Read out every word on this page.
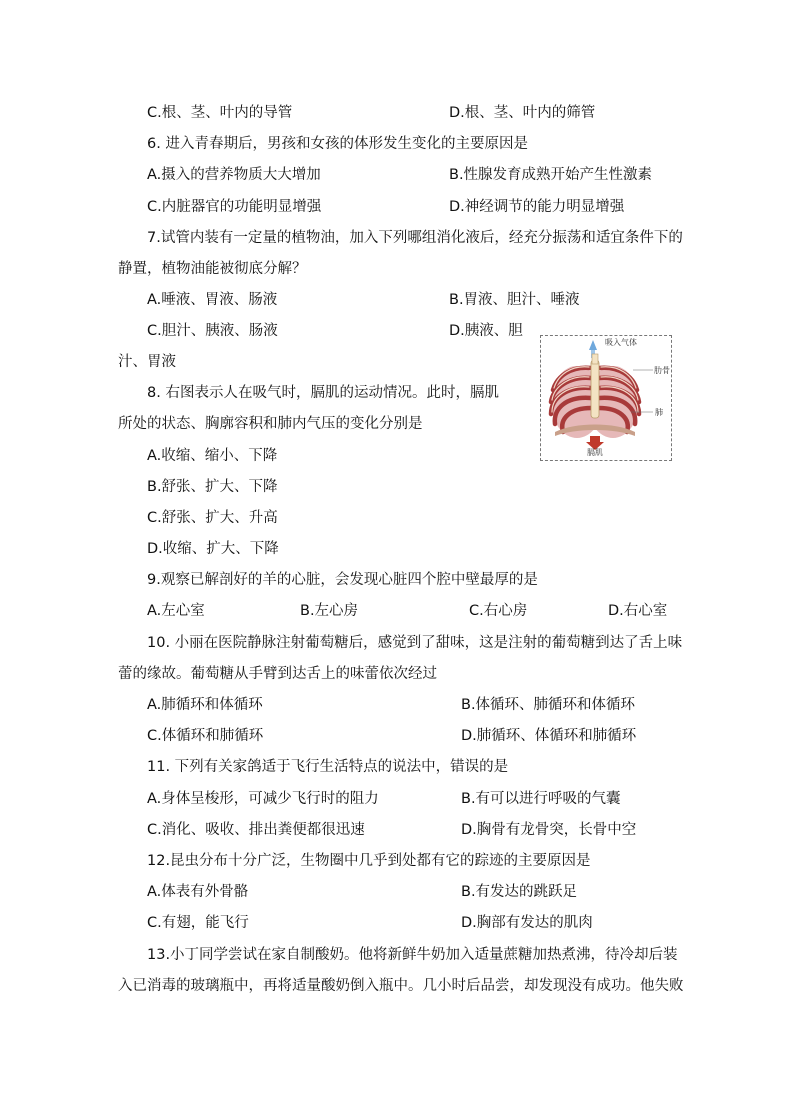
C.根、茎、叶内的导管	D.根、茎、叶内的筛管
6. 进入青春期后，男孩和女孩的体形发生变化的主要原因是
A.摄入的营养物质大大增加	B.性腺发育成熟开始产生性激素
C.内脏器官的功能明显增强	D.神经调节的能力明显增强
7.试管内装有一定量的植物油，加入下列哪组消化液后，经充分振荡和适宜条件下的
静置，植物油能被彻底分解？
A.唾液、胃液、肠液	B.胃液、胆汁、唾液
C.胆汁、胰液、肠液	D.胰液、胆
汁、胃液
8. 右图表示人在吸气时，膈肌的运动情况。此时，膈肌
所处的状态、胸廓容积和肺内气压的变化分别是
A.收缩、缩小、下降
B.舒张、扩大、下降
C.舒张、扩大、升高
D.收缩、扩大、下降
吸入气体
肋骨
肺
膈肌
9.观察已解剖好的羊的心脏，会发现心脏四个腔中壁最厚的是
A.左心室	B.左心房	C.右心房	D.右心室
10. 小丽在医院静脉注射葡萄糖后，感觉到了甜味，这是注射的葡萄糖到达了舌上味
蕾的缘故。葡萄糖从手臂到达舌上的味蕾依次经过
A.肺循环和体循环	B.体循环、肺循环和体循环
C.体循环和肺循环	D.肺循环、体循环和肺循环
11. 下列有关家鸽适于飞行生活特点的说法中，错误的是
A.身体呈梭形，可减少飞行时的阻力	B.有可以进行呼吸的气囊
C.消化、吸收、排出粪便都很迅速	D.胸骨有龙骨突，长骨中空
12.昆虫分布十分广泛，生物圈中几乎到处都有它的踪迹的主要原因是
A.体表有外骨骼	B.有发达的跳跃足
C.有翅，能飞行	D.胸部有发达的肌肉
13.小丁同学尝试在家自制酸奶。他将新鲜牛奶加入适量蔗糖加热煮沸，待冷却后装
入已消毒的玻璃瓶中，再将适量酸奶倒入瓶中。几小时后品尝，却发现没有成功。他失败
